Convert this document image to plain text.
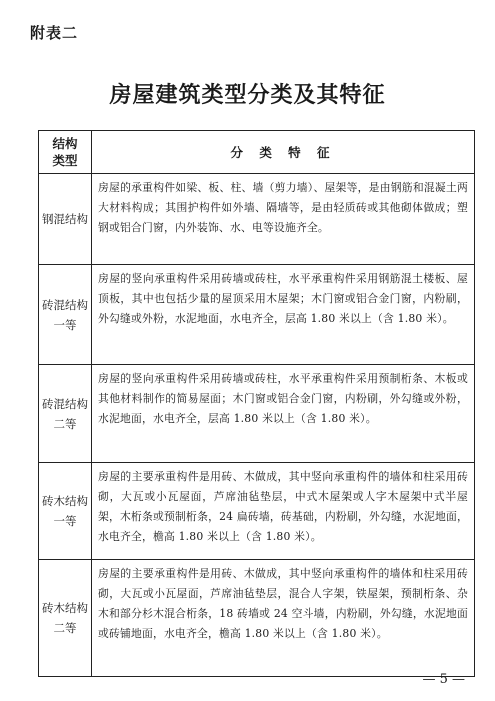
附表二
房屋建筑类型分类及其特征
结构
类型	分 类 特 征
钢混结构	房屋的承重构件如梁、板、柱、墙（剪力墙）、屋架等，是由钢筋和混凝土两大材料构成；其围护构件如外墙、隔墙等，是由轻质砖或其他砌体做成；塑钢或铝合门窗，内外装饰、水、电等设施齐全。
砖混结构
一等	房屋的竖向承重构件采用砖墙或砖柱，水平承重构件采用钢筋混土楼板、屋顶板，其中也包括少量的屋顶采用木屋架；木门窗或铝合金门窗，内粉刷，外勾缝或外粉，水泥地面，水电齐全，层高 1.80 米以上（含 1.80 米）。
砖混结构
二等	房屋的竖向承重构件采用砖墙或砖柱，水平承重构件采用预制桁条、木板或其他材料制作的简易屋面；木门窗或铝合金门窗，内粉刷，外勾缝或外粉，水泥地面，水电齐全，层高 1.80 米以上（含 1.80 米）。
砖木结构
一等	房屋的主要承重构件是用砖、木做成，其中竖向承重构件的墙体和柱采用砖砌，大瓦或小瓦屋面，芦席油毡垫层，中式木屋架或人字木屋架中式半屋架，木桁条或预制桁条，24 扁砖墙，砖基础，内粉刷，外勾缝，水泥地面，水电齐全，檐高 1.80 米以上（含 1.80 米）。
砖木结构
二等	房屋的主要承重构件是用砖、木做成，其中竖向承重构件的墙体和柱采用砖砌，大瓦或小瓦屋面，芦席油毡垫层，混合人字架，铁屋架，预制桁条、杂木和部分杉木混合桁条，18 砖墙或 24 空斗墙，内粉刷，外勾缝，水泥地面或砖铺地面，水电齐全，檐高 1.80 米以上（含 1.80 米）。
— 5 —
